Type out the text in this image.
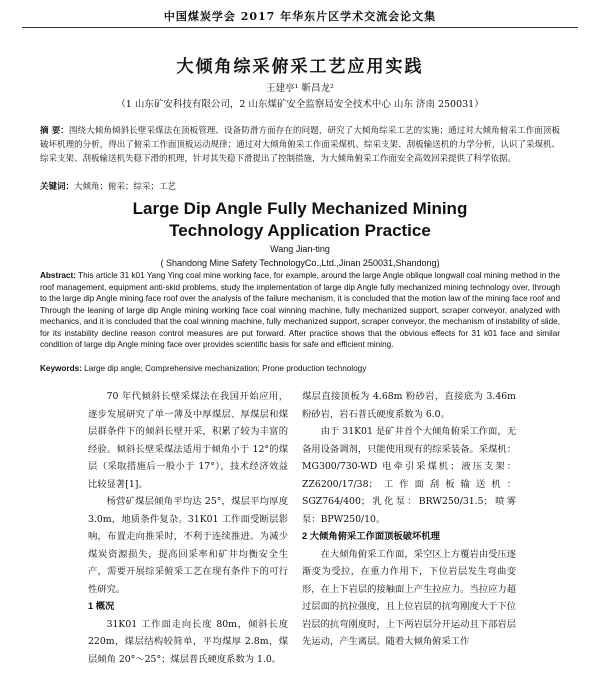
中国煤炭学会 2017 年华东片区学术交流会论文集
大倾角综采俯采工艺应用实践
王建亭¹ 靳昌龙²
（1 山东矿安科技有限公司，2 山东煤矿安全监察局安全技术中心 山东 济南 250031）
摘 要：围绕大倾角倾斜长壁采煤法在顶板管理、设备防滑方面存在的问题，研究了大倾角综采工艺的实施；通过对大倾角俯采工作面顶板破坏机理的分析，得出了俯采工作面顶板运动规律；通过对大倾角俯采工作面采煤机、综采支架、刮板输送机的力学分析，认识了采煤机、综采支架、刮板输送机失稳下滑的机理，针对其失稳下滑提出了控制措施，为大倾角俯采工作面安全高效回采提供了科学依据。
关键词：大倾角；俯采；综采；工艺
Large Dip Angle Fully Mechanized Mining
Technology Application Practice
Wang Jian-ting
( Shandong Mine Safety TechnologyCo.,Ltd.,Jinan 250031,Shandong)
Abstract: This article 31 k01 Yang Ying coal mine working face, for example, around the large Angle oblique longwall coal mining method in the roof management, equipment anti-skid problems, study the implementation of large dip Angle fully mechanized mining technology over, through to the large dip Angle mining face roof over the analysis of the failure mechanism, it is concluded that the motion law of the mining face roof and Through the leaning of large dip Angle mining working face coal winning machine, fully mechanized support, scraper conveyor, analyzed with mechanics, and it is concluded that the coal winning machine, fully mechanized support, scraper conveyor, the mechanism of instability of slide, for its instability decline reason control measures are put forward. After practice shows that the obvious effects for 31 k01 face and similar condition of large dip Angle mining face over provides scientific basis for safe and efficient mining.
Keywords: Large dip angle; Comprehensive mechanization; Prone production technology

70 年代倾斜长壁采煤法在我国开始应用，逐步发展研究了单一薄及中厚煤层、厚煤层和煤层群条件下的倾斜长壁开采，积累了较为丰富的经验。倾斜长壁采煤法适用于倾角小于 12°的煤层（采取措施后一般小于 17°），技术经济效益比较显著[1]。

杨营矿煤层倾角平均达 25°，煤层平均厚度 3.0m，地质条件复杂。31K01 工作面受断层影响，布置走向推采时，不利于连续推进。为减少煤炭资源损失，提高回采率和矿井均衡安全生产，需要开展综采俯采工艺在现有条件下的可行性研究。

1 概况

31K01 工作面走向长度 80m，倾斜长度 220m，煤层结构较简单，平均煤厚 2.8m，煤层倾角 20°～25°；煤层普氏硬度系数为 1.0。

煤层直接顶板为 4.68m 粉砂岩，直接底为 3.46m 粉砂岩，岩石普氏硬度系数为 6.0。

由于 31K01 是矿井首个大倾角俯采工作面，无备用设备调剂，只能使用现有的综采装备。采煤机：MG300/730-WD 电牵引采煤机；液压支架：ZZ6200/17/38；工作面刮板输送机：SGZ764/400；乳化泵：BRW250/31.5；喷雾泵：BPW250/10。

2 大倾角俯采工作面顶板破坏机理

在大倾角俯采工作面，采空区上方覆岩由受压逐渐变为受拉，在重力作用下，下位岩层发生弯曲变形，在上下岩层的接触面上产生拉应力。当拉应力超过层面的抗拉强度，且上位岩层的抗弯刚度大于下位岩层的抗弯刚度时，上下两岩层分开运动且下部岩层先运动，产生离层。随着大倾角俯采工作
